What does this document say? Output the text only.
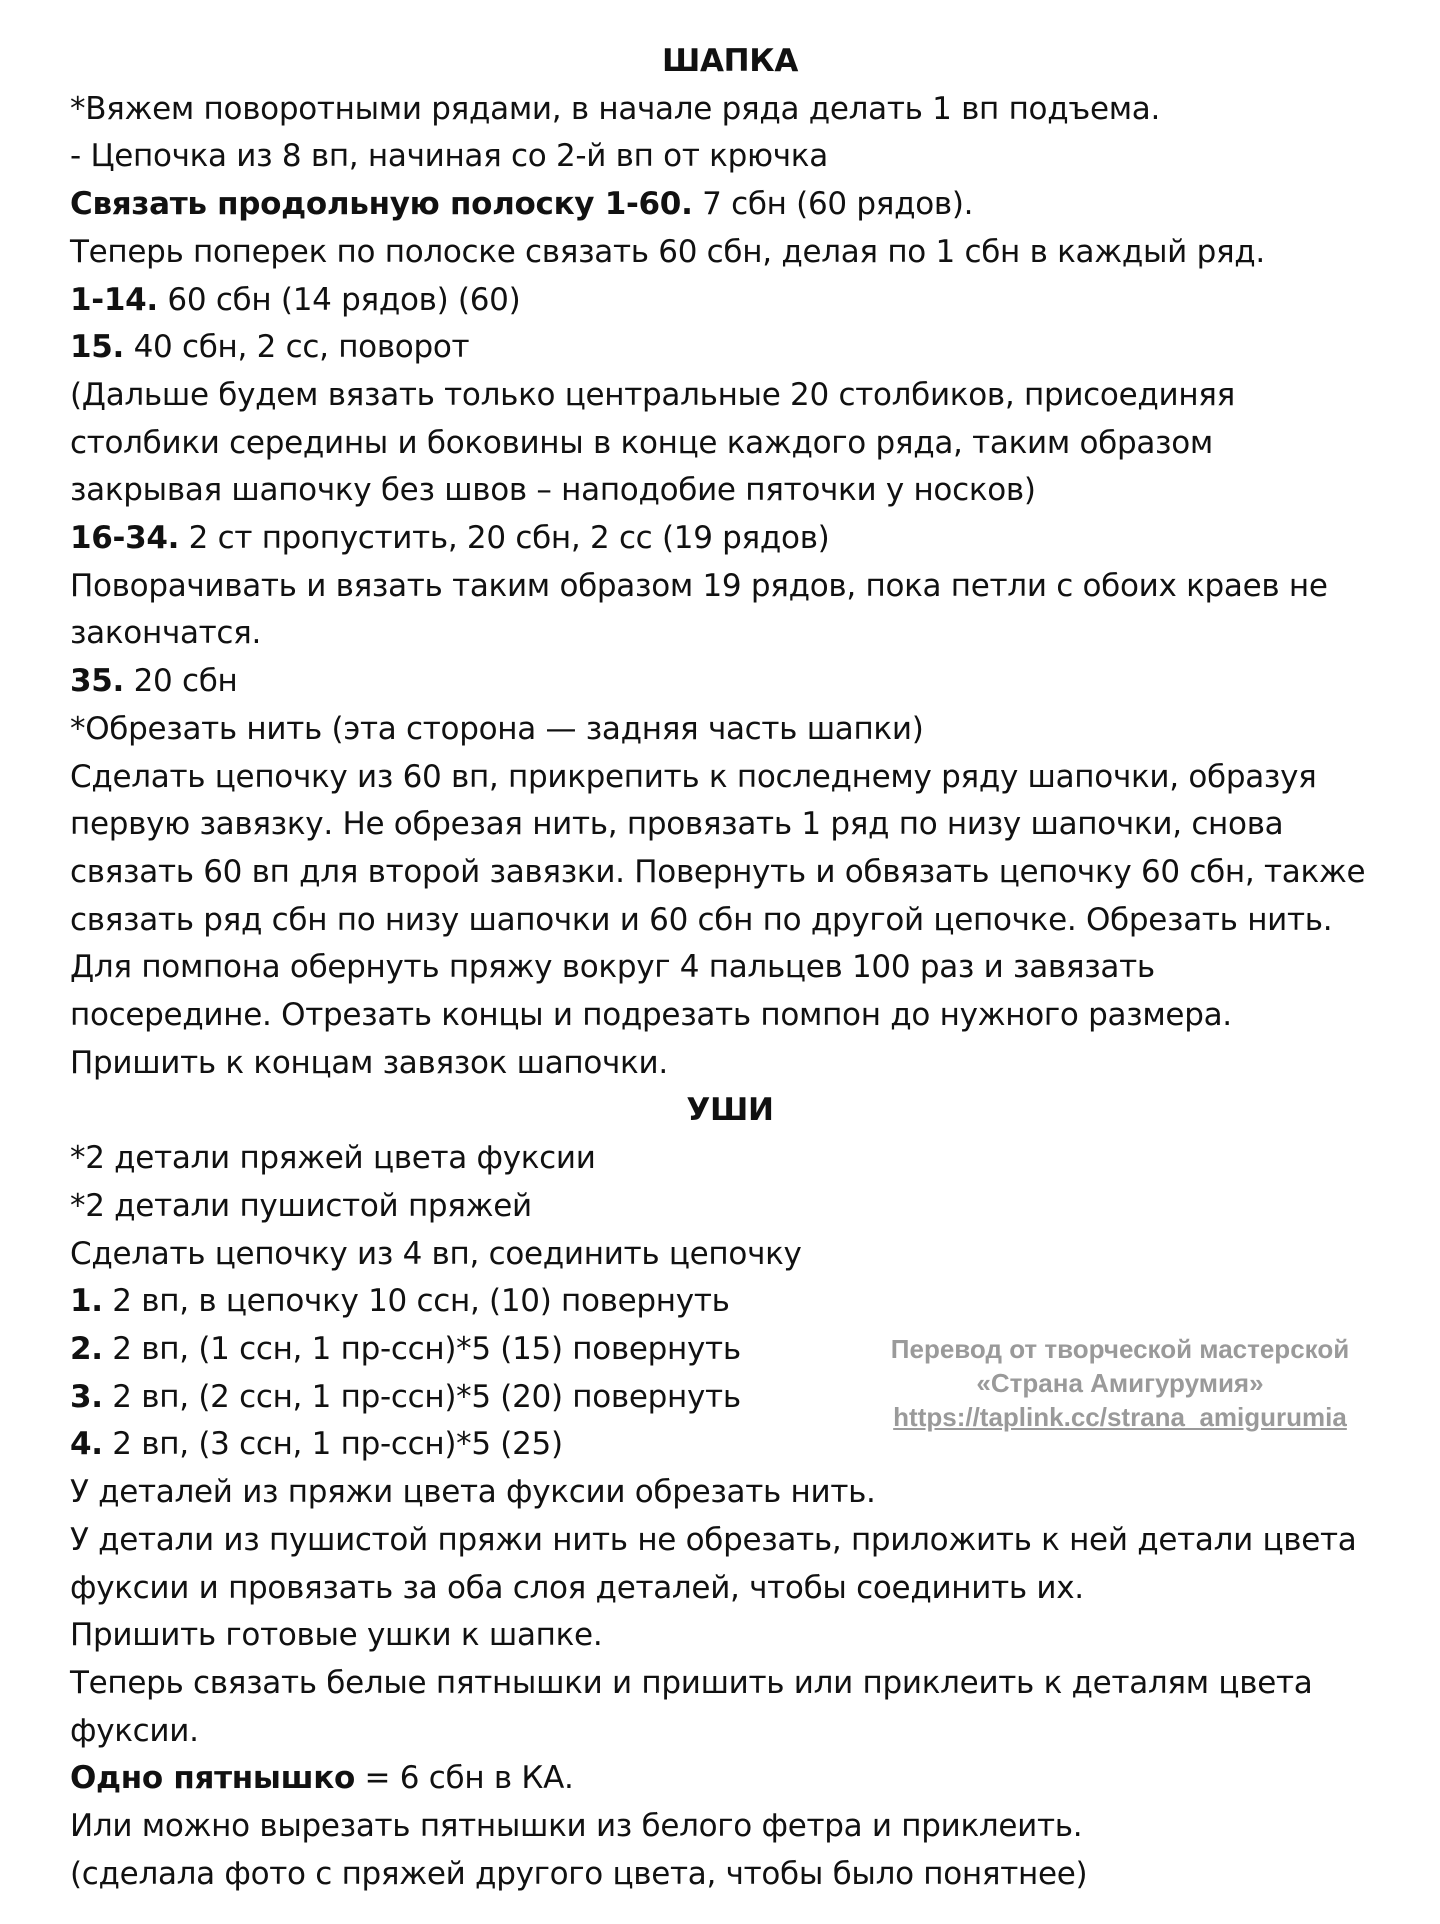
ШАПКА
*Вяжем поворотными рядами, в начале ряда делать 1 вп подъема.
- Цепочка из 8 вп, начиная со 2-й вп от крючка
Связать продольную полоску 1-60. 7 сбн (60 рядов).
Теперь поперек по полоске связать 60 сбн, делая по 1 сбн в каждый ряд.
1-14. 60 сбн (14 рядов) (60)
15. 40 сбн, 2 сс, поворот
(Дальше будем вязать только центральные 20 столбиков, присоединяя
столбики середины и боковины в конце каждого ряда, таким образом
закрывая шапочку без швов – наподобие пяточки у носков)
16-34. 2 ст пропустить, 20 сбн, 2 сс (19 рядов)
Поворачивать и вязать таким образом 19 рядов, пока петли с обоих краев не
закончатся.
35. 20 сбн
*Обрезать нить (эта сторона — задняя часть шапки)
Сделать цепочку из 60 вп, прикрепить к последнему ряду шапочки, образуя
первую завязку. Не обрезая нить, провязать 1 ряд по низу шапочки, снова
связать 60 вп для второй завязки. Повернуть и обвязать цепочку 60 сбн, также
связать ряд сбн по низу шапочки и 60 сбн по другой цепочке. Обрезать нить.
Для помпона обернуть пряжу вокруг 4 пальцев 100 раз и завязать
посередине. Отрезать концы и подрезать помпон до нужного размера.
Пришить к концам завязок шапочки.
УШИ
*2 детали пряжей цвета фуксии
*2 детали пушистой пряжей
Сделать цепочку из 4 вп, соединить цепочку
1. 2 вп, в цепочку 10 ссн, (10) повернуть
2. 2 вп, (1 ссн, 1 пр-ссн)*5 (15) повернуть
3. 2 вп, (2 ссн, 1 пр-ссн)*5 (20) повернуть
4. 2 вп, (3 ссн, 1 пр-ссн)*5 (25)
У деталей из пряжи цвета фуксии обрезать нить.
У детали из пушистой пряжи нить не обрезать, приложить к ней детали цвета
фуксии и провязать за оба слоя деталей, чтобы соединить их.
Пришить готовые ушки к шапке.
Теперь связать белые пятнышки и пришить или приклеить к деталям цвета
фуксии.
Одно пятнышко = 6 сбн в КА.
Или можно вырезать пятнышки из белого фетра и приклеить.
(сделала фото с пряжей другого цвета, чтобы было понятнее)
Перевод от творческой мастерской
«Страна Амигурумия»
https://taplink.cc/strana_amigurumia
